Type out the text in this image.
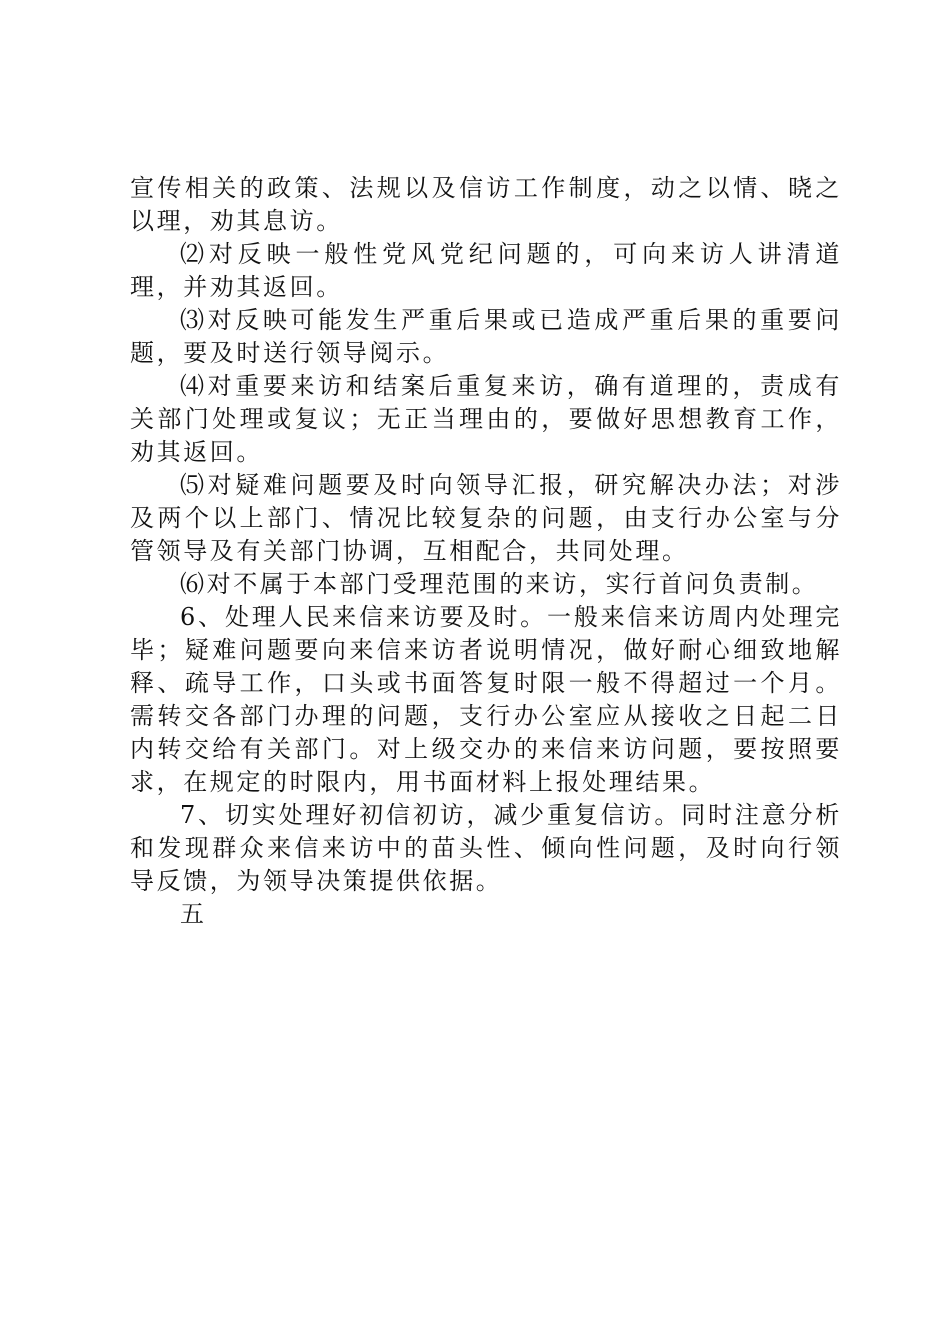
宣传相关的政策、法规以及信访工作制度，动之以情、晓之以理，劝其息访。

⑵对反映一般性党风党纪问题的，可向来访人讲清道理，并劝其返回。

⑶对反映可能发生严重后果或已造成严重后果的重要问题，要及时送行领导阅示。

⑷对重要来访和结案后重复来访，确有道理的，责成有关部门处理或复议；无正当理由的，要做好思想教育工作，劝其返回。

⑸对疑难问题要及时向领导汇报，研究解决办法；对涉及两个以上部门、情况比较复杂的问题，由支行办公室与分管领导及有关部门协调，互相配合，共同处理。

⑹对不属于本部门受理范围的来访，实行首问负责制。

6、处理人民来信来访要及时。一般来信来访周内处理完毕；疑难问题要向来信来访者说明情况，做好耐心细致地解释、疏导工作，口头或书面答复时限一般不得超过一个月。需转交各部门办理的问题，支行办公室应从接收之日起二日内转交给有关部门。对上级交办的来信来访问题，要按照要求，在规定的时限内，用书面材料上报处理结果。

7、切实处理好初信初访，减少重复信访。同时注意分析和发现群众来信来访中的苗头性、倾向性问题，及时向行领导反馈，为领导决策提供依据。

五
